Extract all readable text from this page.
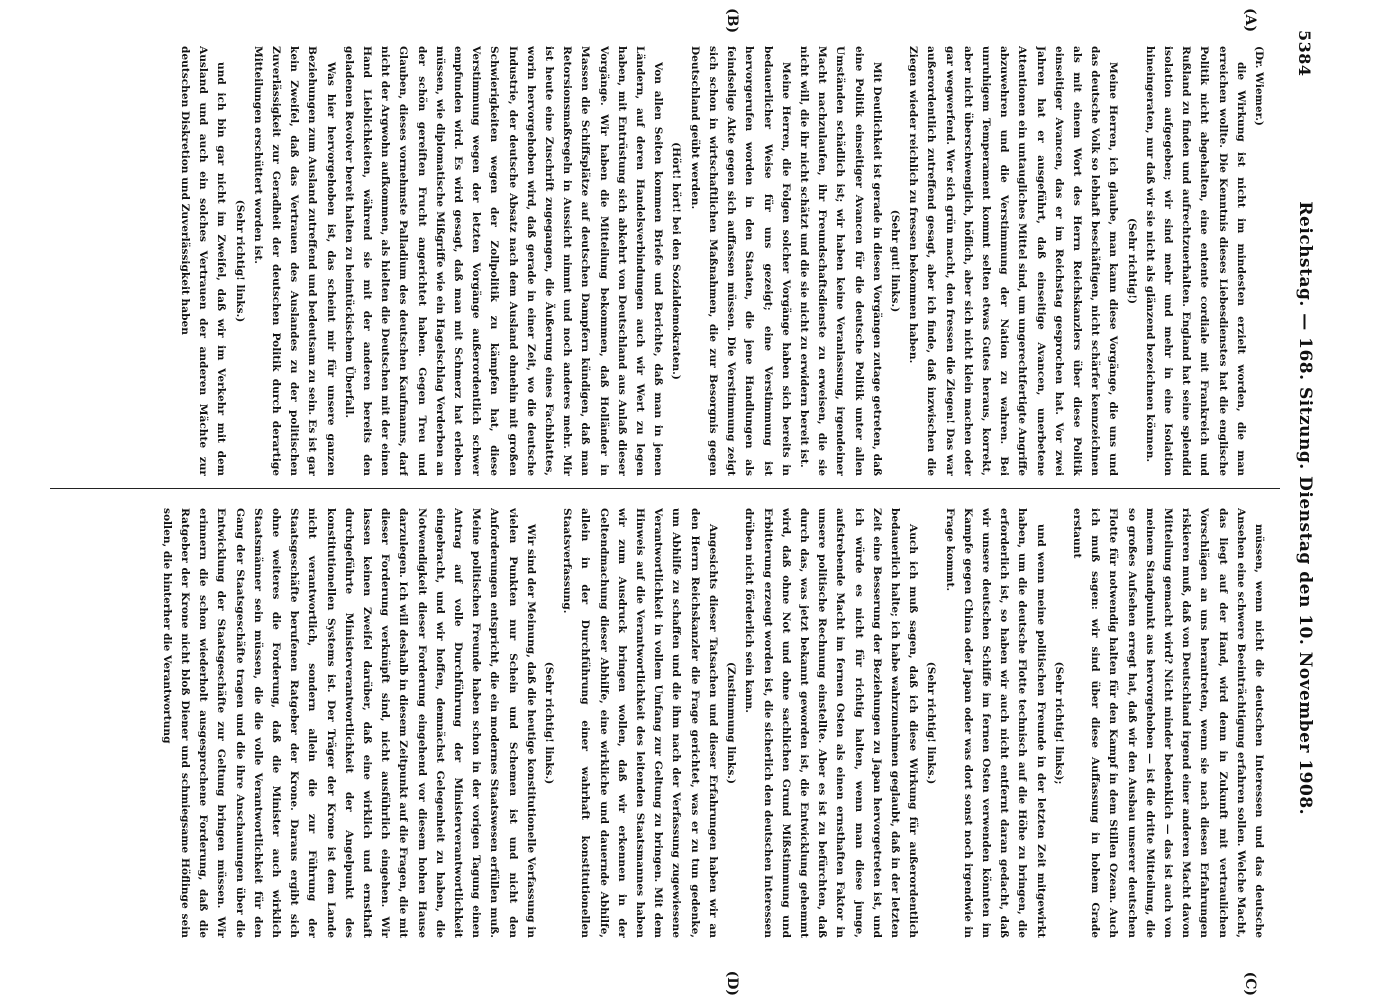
5384
Reichstag. — 168. Sitzung. Dienstag den 10. November 1908.
(A)
(B)
(C)
(D)

(Dr. Wiemer.)

die Wirkung ist nicht im mindesten erzielt worden, die man erreichen wollte. Die Kenntnis dieses Liebesdienstes hat die englische Politik nicht abgehalten, eine entente cordiale mit Frankreich und Rußland zu finden und aufrechtzuerhalten. England hat seine splendid isolation aufgegeben; wir sind mehr und mehr in eine Isolation hineingeraten, nur daß wir sie nicht als glänzend bezeichnen können.

(Sehr richtig!)

Meine Herren, ich glaube, man kann diese Vorgänge, die uns und das deutsche Volk so lebhaft beschäftigen, nicht schärfer kennzeichnen als mit einem Wort des Herrn Reichskanzlers über diese Politik einseitiger Avancen, das er im Reichstag gesprochen hat. Vor zwei Jahren hat er ausgeführt, daß einseitige Avancen, unerbetene Attentionen ein untaugliches Mittel sind, um ungerechtfertigte Angriffe abzuwehren und die Verstimmung der Nation zu wahren. Bei unruhigem Temperament kommt selten etwas Gutes heraus, korrekt, aber nicht überschwenglich, höflich, aber sich nicht klein machen oder gar wegwerfend. Wer sich grün macht, den fressen die Ziegen! Das war außerordentlich zutreffend gesagt, aber ich finde, daß inzwischen die Ziegen wieder reichlich zu fressen bekommen haben.

(Sehr gut! links.)

Mit Deutlichkeit ist gerade in diesen Vorgängen zutage getreten, daß eine Politik einseitiger Avancen für die deutsche Politik unter allen Umständen schädlich ist; wir haben keine Veranlassung, irgendeiner Macht nachzulaufen, ihr Freundschaftsdienste zu erweisen, die sie nicht will, die ihr nicht schätzt und die sie nicht zu erwidern bereit ist.

Meine Herren, die Folgen solcher Vorgänge haben sich bereits in bedauerlicher Weise für uns gezeigt; eine Verstimmung ist hervorgerufen worden in den Staaten, die jene Handlungen als feindselige Akte gegen sich auffassen müssen. Die Verstimmung zeigt sich schon in wirtschaftlichen Maßnahmen, die zur Besorgnis gegen Deutschland geübt werden.

(Hört! hört! bei den Sozialdemokraten.)

Von allen Seiten kommen Briefe und Berichte, daß man in jenen Ländern, auf deren Handelsverbindungen auch wir Wert zu legen haben, mit Entrüstung sich abkehrt von Deutschland aus Anlaß dieser Vorgänge. Wir haben die Mitteilung bekommen, daß Holländer in Massen die Schiffsplätze auf deutschen Dampfern kündigen, daß man Retorsionsmaßregeln in Aussicht nimmt und noch anderes mehr. Mir ist heute eine Zuschrift zugegangen, die Äußerung eines Fachblattes, worin hervorgehoben wird, daß gerade in einer Zeit, wo die deutsche Industrie, der deutsche Absatz nach dem Ausland ohnehin mit großen Schwierigkeiten wegen der Zollpolitik zu kämpfen hat, diese Verstimmung wegen der letzten Vorgänge außerordentlich schwer empfunden wird. Es wird gesagt, daß man mit Schmerz hat erleben müssen, wie diplomatische Mißgriffe wie ein Hagelschlag Verderben an der schön gereiften Frucht angerichtet haben. Gegen Treu und Glauben, dieses vornehmste Palladium des deutschen Kaufmanns, darf nicht der Argwohn aufkommen, als hielten die Deutschen mit der einen Hand Lieblichkeiten, während sie mit der anderen bereits den geladenen Revolver bereit halten zu heimtückischem Überfall.

Was hier hervorgehoben ist, das scheint mir für unsere ganzen Beziehungen zum Ausland zutreffend und bedeutsam zu sein. Es ist gar kein Zweifel, daß das Vertrauen des Auslandes zu der politischen Zuverlässigkeit zur Geradheit der deutschen Politik durch derartige Mitteilungen erschüttert worden ist.

(Sehr richtig! links.)

und ich bin gar nicht im Zweifel, daß wir im Verkehr mit dem Ausland und auch ein solches Vertrauen der anderen Mächte zur deutschen Diskretion und Zuverlässigkeit haben

müssen, wenn nicht die deutschen Interessen und das deutsche Ansehen eine schwere Beeinträchtigung erfahren sollen. Welche Macht, das liegt auf der Hand, wird denn in Zukunft mit vertraulichen Vorschlägen an uns herantreten, wenn sie nach diesen Erfahrungen riskieren muß, daß von Deutschland irgend einer anderen Macht davon Mitteilung gemacht wird? Nicht minder bedenklich — das ist auch von meinem Standpunkt aus hervorgehoben — ist die dritte Mitteilung, die so großes Aufsehen erregt hat, daß wir den Ausbau unserer deutschen Flotte für notwendig halten für den Kampf in dem Stillen Ozean. Auch ich muß sagen: wir sind über diese Auffassung in hohem Grade erstaunt

(Sehr richtig! links);

und wenn meine politischen Freunde in der letzten Zeit mitgewirkt haben, um die deutsche Flotte technisch auf die Höhe zu bringen, die erforderlich ist, so haben wir auch nicht entfernt daran gedacht, daß wir unsere deutschen Schiffe im fernen Osten verwenden könnten im Kampfe gegen China oder Japan oder was dort sonst noch irgendwie in Frage kommt.

(Sehr richtig! links.)

Auch ich muß sagen, daß ich diese Wirkung für außerordentlich bedauerlich halte; ich habe wahrzunehmen geglaubt, daß in der letzten Zeit eine Besserung der Beziehungen zu Japan hervorgetreten ist, und ich würde es nicht für richtig halten, wenn man diese junge, aufstrebende Macht im fernen Osten als einen ernsthaften Faktor in unsere politische Rechnung einstellte. Aber es ist zu befürchten, daß durch das, was jetzt bekannt geworden ist, die Entwicklung gehemmt wird, daß ohne Not und ohne sachlichen Grund Mißstimmung und Erbitterung erzeugt worden ist, die sicherlich den deutschen Interessen drüben nicht förderlich sein kann.

(Zustimmung links.)

Angesichts dieser Tatsachen und dieser Erfahrungen haben wir an den Herrn Reichskanzler die Frage gerichtet, was er zu tun gedenke, um Abhilfe zu schaffen und die ihm nach der Verfassung zugewiesene Verantwortlichkeit in vollem Umfang zur Geltung zu bringen. Mit dem Hinweis auf die Verantwortlichkeit des leitenden Staatsmannes haben wir zum Ausdruck bringen wollen, daß wir erkennen in der Geltendmachung dieser Abhilfe, eine wirkliche und dauernde Abhilfe, allein in der Durchführung einer wahrhaft konstitutionellen Staatsverfassung.

(Sehr richtig! links.)

Wir sind der Meinung, daß die heutige konstitutionelle Verfassung in vielen Punkten nur Schein und Schemen ist und nicht den Anforderungen entspricht, die ein modernes Staatswesen erfüllen muß. Meine politischen Freunde haben schon in der vorigen Tagung einen Antrag auf volle Durchführung der Ministerverantwortlichkeit eingebracht, und wir hoffen, demnächst Gelegenheit zu haben, die Notwendigkeit dieser Forderung eingehend vor diesem hohen Hause darzulegen. Ich will deshalb in diesem Zeitpunkt auf die Fragen, die mit dieser Forderung verknüpft sind, nicht ausführlich eingehen. Wir lassen keinen Zweifel darüber, daß eine wirklich und ernsthaft durchgeführte Ministerverantwortlichkeit der Angelpunkt des konstitutionellen Systems ist. Der Träger der Krone ist dem Lande nicht verantwortlich, sondern allein die zur Führung der Staatsgeschäfte berufenen Ratgeber der Krone. Daraus ergibt sich ohne weiteres die Forderung, daß die Minister auch wirklich Staatsmänner sein müssen, die die volle Verantwortlichkeit für den Gang der Staatsgeschäfte tragen und die ihre Anschauungen über die Entwicklung der Staatsgeschäfte zur Geltung bringen müssen. Wir erinnern die schon wiederholt ausgesprochene Forderung, daß die Ratgeber der Krone nicht bloß Diener und schmiegsame Höflinge sein sollen, die hinterher die Verantwortung
